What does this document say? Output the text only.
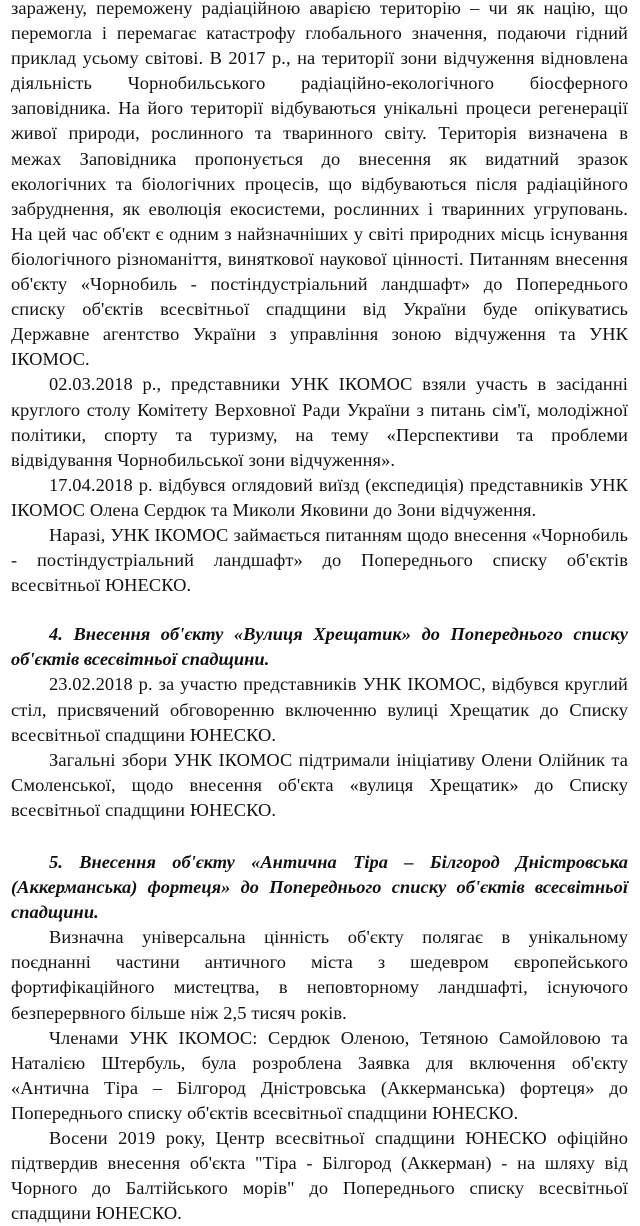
заражену, переможену радіаційною аварією територію – чи як націю, що перемогла і перемагає катастрофу глобального значення, подаючи гідний приклад усьому світові. В 2017 р., на території зони відчуження відновлена діяльність Чорнобильського радіаційно-екологічного біосферного заповідника. На його території відбуваються унікальні процеси регенерації живої природи, рослинного та тваринного світу. Територія визначена в межах Заповідника пропонується до внесення як видатний зразок екологічних та біологічних процесів, що відбуваються після радіаційного забруднення, як еволюція екосистеми, рослинних і тваринних угруповань. На цей час об'єкт є одним з найзначніших у світі природних місць існування біологічного різноманіття, виняткової наукової цінності. Питанням внесення об'єкту «Чорнобиль - постіндустріальний ландшафт» до Попереднього списку об'єктів всесвітньої спадщини від України буде опікуватись Державне агентство України з управління зоною відчуження та УНК ІКОМОС.

02.03.2018 р., представники УНК ІКОМОС взяли участь в засіданні круглого столу Комітету Верховної Ради України з питань сім'ї, молодіжної політики, спорту та туризму, на тему «Перспективи та проблеми відвідування Чорнобильської зони відчуження».

17.04.2018 р. відбувся оглядовий виїзд (експедиція) представників УНК ІКОМОС Олена Сердюк та Миколи Яковини до Зони відчуження.

Наразі, УНК ІКОМОС займається питанням щодо внесення «Чорнобиль - постіндустріальний ландшафт» до Попереднього списку об'єктів всесвітньої ЮНЕСКО.

4. Внесення об'єкту «Вулиця Хрещатик» до Попереднього списку об'єктів всесвітньої спадщини.

23.02.2018 р. за участю представників УНК ІКОМОС, відбувся круглий стіл, присвячений обговоренню включенню вулиці Хрещатик до Списку всесвітньої спадщини ЮНЕСКО.

Загальні збори УНК ІКОМОС підтримали ініціативу Олени Олійник та Смоленської, щодо внесення об'єкта «вулиця Хрещатик» до Списку всесвітньої спадщини ЮНЕСКО.

5. Внесення об'єкту «Антична Тіра – Білгород Дністровська (Аккерманська) фортеця» до Попереднього списку об'єктів всесвітньої спадщини.

Визначна універсальна цінність об'єкту полягає в унікальному поєднанні частини античного міста з шедевром європейського фортифікаційного мистецтва, в неповторному ландшафті, існуючого безперервного більше ніж 2,5 тисяч років.

Членами УНК ІКОМОС: Сердюк Оленою, Тетяною Самойловою та Наталією Штербуль, була розроблена Заявка для включення об'єкту «Антична Тіра – Білгород Дністровська (Аккерманська) фортеця» до Попереднього списку об'єктів всесвітньої спадщини ЮНЕСКО.

Восени 2019 року, Центр всесвітньої спадщини ЮНЕСКО офіційно підтвердив внесення об'єкта "Тіра - Білгород (Аккерман) - на шляху від Чорного до Балтійського морів" до Попереднього списку всесвітньої спадщини ЮНЕСКО.
